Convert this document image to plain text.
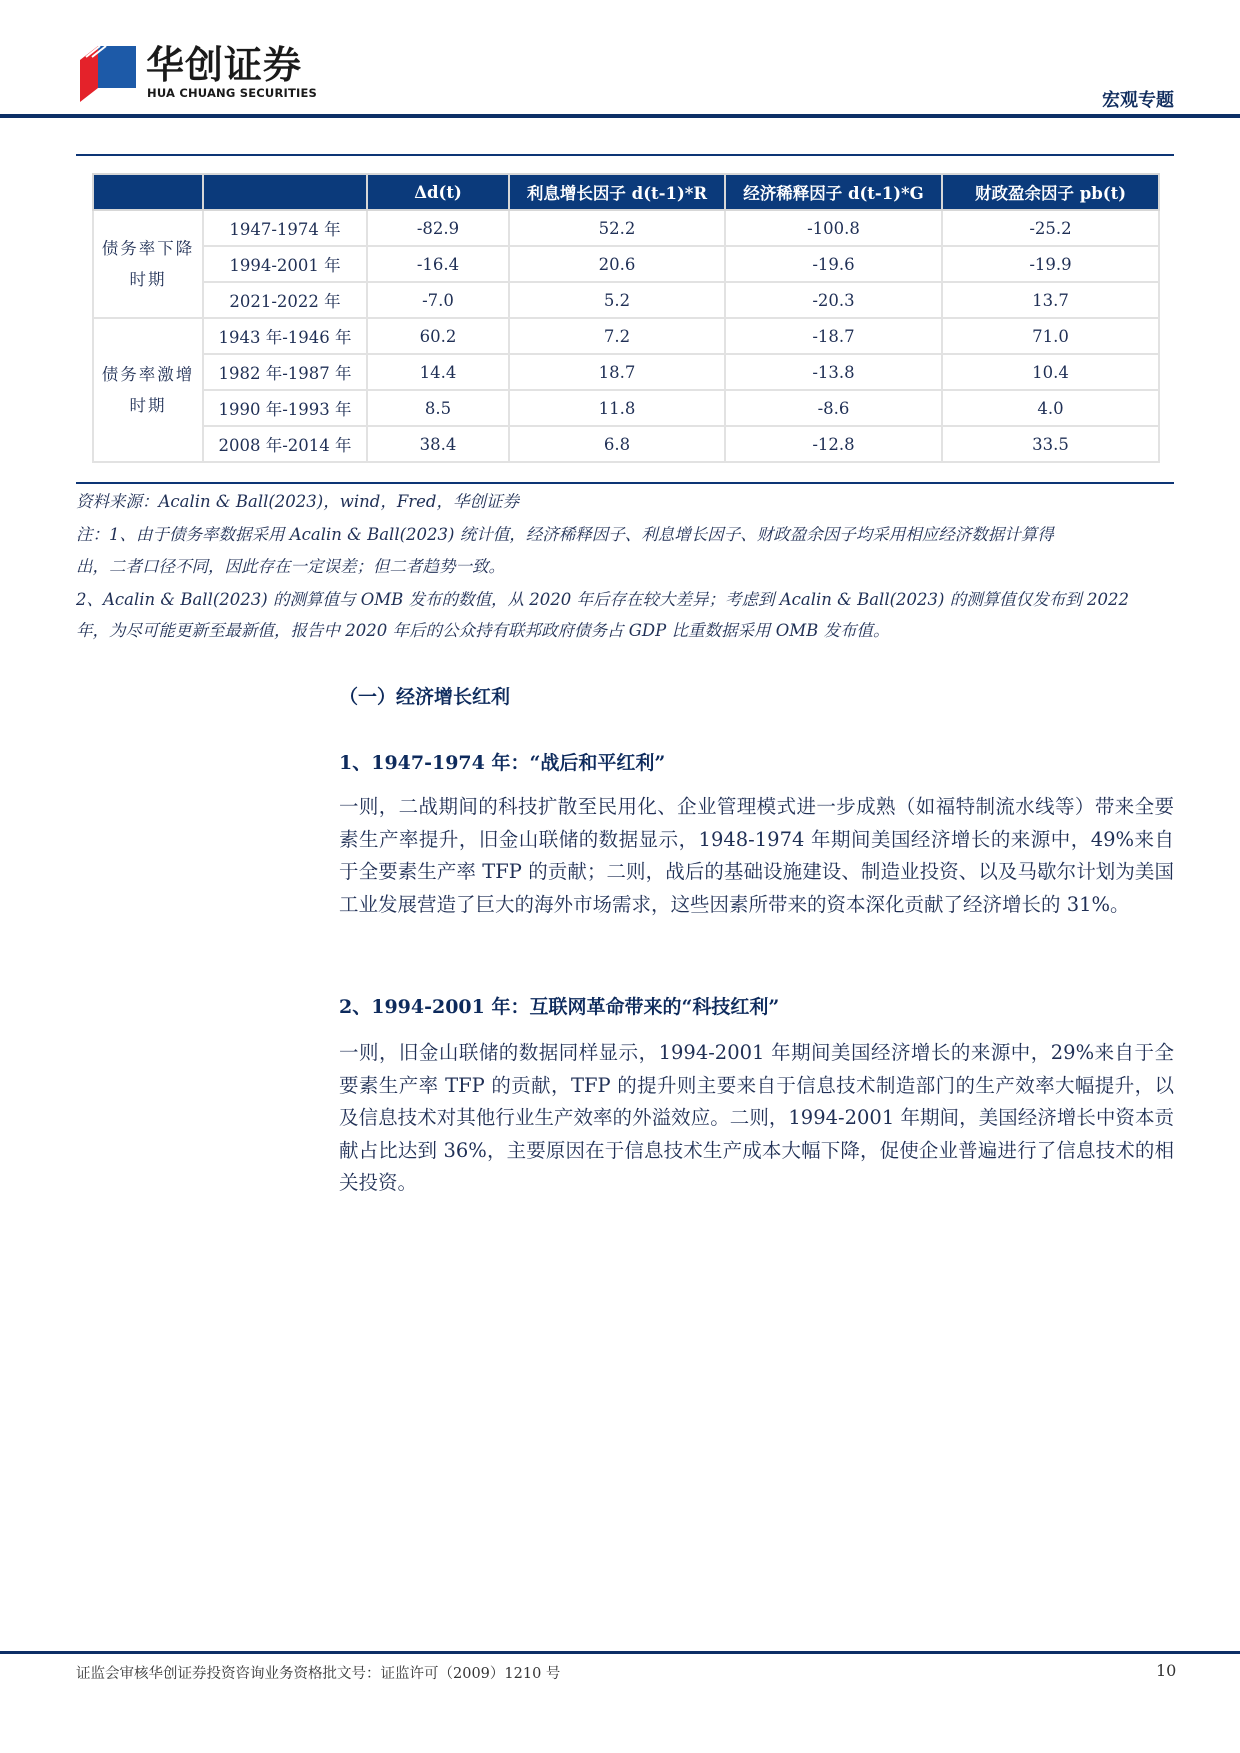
华创证券
HUA CHUANG SECURITIES	宏观专题
		Δd(t)	利息增长因子 d(t-1)*R	经济稀释因子 d(t-1)*G	财政盈余因子 pb(t)

债务率下降
时期	1947-1974 年	-82.9	52.2	-100.8	-25.2
	1994-2001 年	-16.4	20.6	-19.6	-19.9
	2021-2022 年	-7.0	5.2	-20.3	13.7

债务率激增
时期	1943 年-1946 年	60.2	7.2	-18.7	71.0
	1982 年-1987 年	14.4	18.7	-13.8	10.4
	1990 年-1993 年	8.5	11.8	-8.6	4.0
	2008 年-2014 年	38.4	6.8	-12.8	33.5
资料来源：Acalin & Ball(2023)，wind，Fred，华创证券
注：1、由于债务率数据采用 Acalin & Ball(2023) 统计值，经济稀释因子、利息增长因子、财政盈余因子均采用相应经济数据计算得
出，二者口径不同，因此存在一定误差；但二者趋势一致。
2、Acalin & Ball(2023) 的测算值与 OMB 发布的数值，从 2020 年后存在较大差异；考虑到 Acalin & Ball(2023) 的测算值仅发布到 2022
年，为尽可能更新至最新值，报告中 2020 年后的公众持有联邦政府债务占 GDP 比重数据采用 OMB 发布值。
（一）经济增长红利
1、1947-1974 年：“战后和平红利”
一则，二战期间的科技扩散至民用化、企业管理模式进一步成熟（如福特制流水线等）带来全要素生产率提升，旧金山联储的数据显示，1948-1974 年期间美国经济增长的来源中，49%来自于全要素生产率 TFP 的贡献；二则，战后的基础设施建设、制造业投资、以及马歇尔计划为美国工业发展营造了巨大的海外市场需求，这些因素所带来的资本深化贡献了经济增长的 31%。
2、1994-2001 年：互联网革命带来的“科技红利”
一则，旧金山联储的数据同样显示，1994-2001 年期间美国经济增长的来源中，29%来自于全要素生产率 TFP 的贡献，TFP 的提升则主要来自于信息技术制造部门的生产效率大幅提升，以及信息技术对其他行业生产效率的外溢效应。二则，1994-2001 年期间，美国经济增长中资本贡献占比达到 36%，主要原因在于信息技术生产成本大幅下降，促使企业普遍进行了信息技术的相关投资。
证监会审核华创证券投资咨询业务资格批文号：证监许可（2009）1210 号	10
